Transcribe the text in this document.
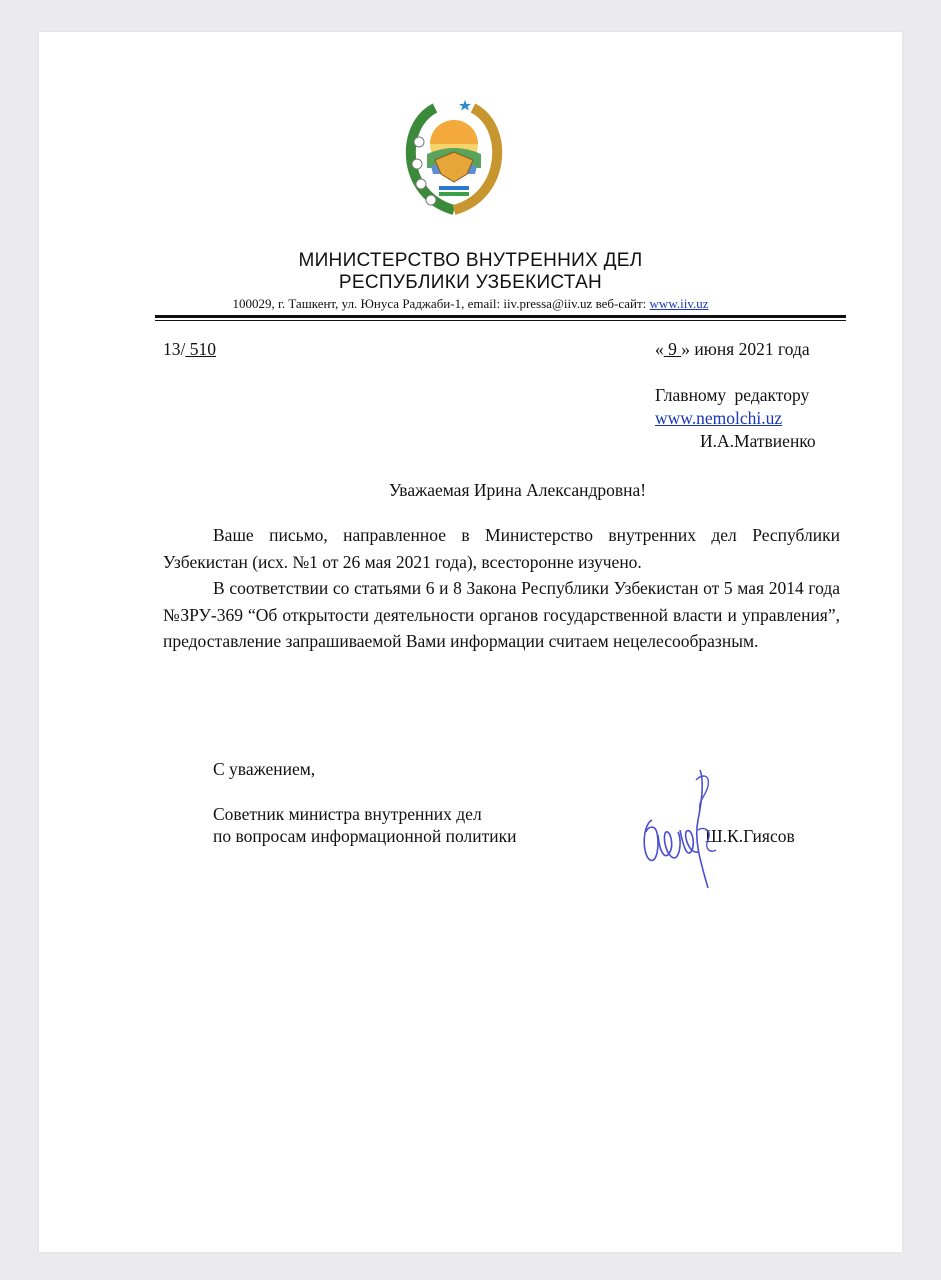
МИНИСТЕРСТВО ВНУТРЕННИХ ДЕЛ
РЕСПУБЛИКИ УЗБЕКИСТАН
100029, г. Ташкент, ул. Юнуса Раджаби-1, email: iiv.pressa@iiv.uz веб-сайт: www.iiv.uz
13/ 510	« 9 » июня 2021 года
Главному редактору
www.nemolchi.uz
И.А.Матвиенко
Уважаемая Ирина Александровна!
Ваше письмо, направленное в Министерство внутренних дел Республики Узбекистан (исх. №1 от 26 мая 2021 года), всесторонне изучено.
В соответствии со статьями 6 и 8 Закона Республики Узбекистан от 5 мая 2014 года №ЗРУ-369 “Об открытости деятельности органов государственной власти и управления”, предоставление запрашиваемой Вами информации считаем нецелесообразным.
С уважением,
Советник министра внутренних дел
по вопросам информационной политики	Ш.К.Гиясов
